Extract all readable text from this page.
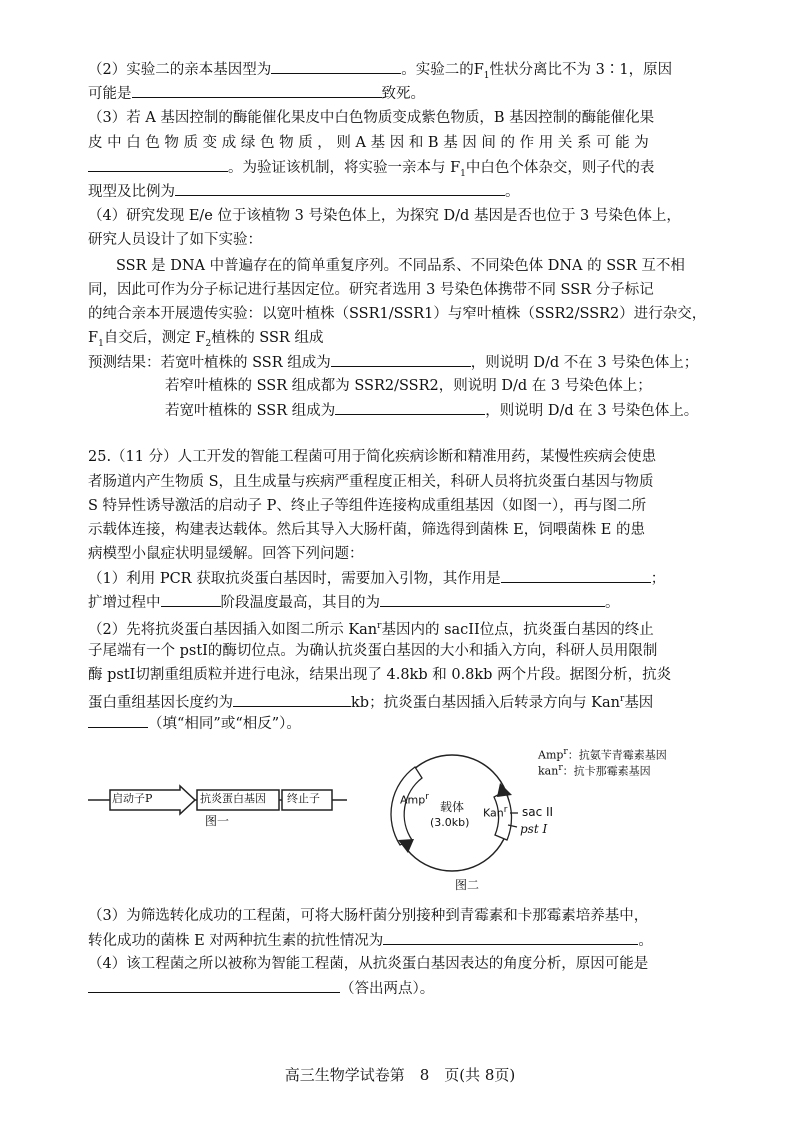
（2）实验二的亲本基因型为	。实验二的$F_1$性状分离比不为 3∶1，原因
可能是	致死。
（3）若 A 基因控制的酶能催化果皮中白色物质变成紫色物质，B 基因控制的酶能催化果
皮 中 白 色 物 质 变 成 绿 色 物 质 ， 则 A 基 因 和 B 基 因 间 的 作 用 关 系 可 能 为
。为验证该机制，将实验一亲本与 $F_1$中白色个体杂交，则子代的表
现型及比例为	。
（4）研究发现 E/e 位于该植物 3 号染色体上，为探究 D/d 基因是否也位于 3 号染色体上，
研究人员设计了如下实验：
SSR 是 DNA 中普遍存在的简单重复序列。不同品系、不同染色体 DNA 的 SSR 互不相
同，因此可作为分子标记进行基因定位。研究者选用 3 号染色体携带不同 SSR 分子标记
的纯合亲本开展遗传实验：以宽叶植株（SSR1/SSR1）与窄叶植株（SSR2/SSR2）进行杂交，
$F_1$自交后，测定 $F_2$植株的 SSR 组成
预测结果：若宽叶植株的 SSR 组成为	，则说明 D/d 不在 3 号染色体上；
若窄叶植株的 SSR 组成都为 SSR2/SSR2，则说明 D/d 在 3 号染色体上；
若宽叶植株的 SSR 组成为	，则说明 D/d 在 3 号染色体上。
25.（11 分）人工开发的智能工程菌可用于简化疾病诊断和精准用药，某慢性疾病会使患
者肠道内产生物质 S，且生成量与疾病严重程度正相关，科研人员将抗炎蛋白基因与物质
S 特异性诱导激活的启动子 P、终止子等组件连接构成重组基因（如图一），再与图二所
示载体连接，构建表达载体。然后其导入大肠杆菌，筛选得到菌株 E，饲喂菌株 E 的患
病模型小鼠症状明显缓解。回答下列问题：
（1）利用 PCR 获取抗炎蛋白基因时，需要加入引物，其作用是	；
扩增过程中	阶段温度最高，其目的为	。
（2）先将抗炎蛋白基因插入如图二所示 Kan$^r$基因内的 sacII位点，抗炎蛋白基因的终止
子尾端有一个 pstI的酶切位点。为确认抗炎蛋白基因的大小和插入方向，科研人员用限制
酶 pstI切割重组质粒并进行电泳，结果出现了 4.8kb 和 0.8kb 两个片段。据图分析，抗炎
蛋白重组基因长度约为	kb；抗炎蛋白基因插入后转录方向与 Kan$^r$基因
（填“相同”或“相反”）。
启动子P	抗炎蛋白基因 终止子
图一
Amp$^r$
载体
(3.0kb)
Kan$^r$ sac II
pst I
图二
Amp$^r$：抗氨苄青霉素基因
kan$^r$：抗卡那霉素基因
（3）为筛选转化成功的工程菌，可将大肠杆菌分别接种到青霉素和卡那霉素培养基中，
转化成功的菌株 E 对两种抗生素的抗性情况为	。
（4）该工程菌之所以被称为智能工程菌，从抗炎蛋白基因表达的角度分析，原因可能是
（答出两点）。
高三生物学试卷第　8　页(共 8页)
